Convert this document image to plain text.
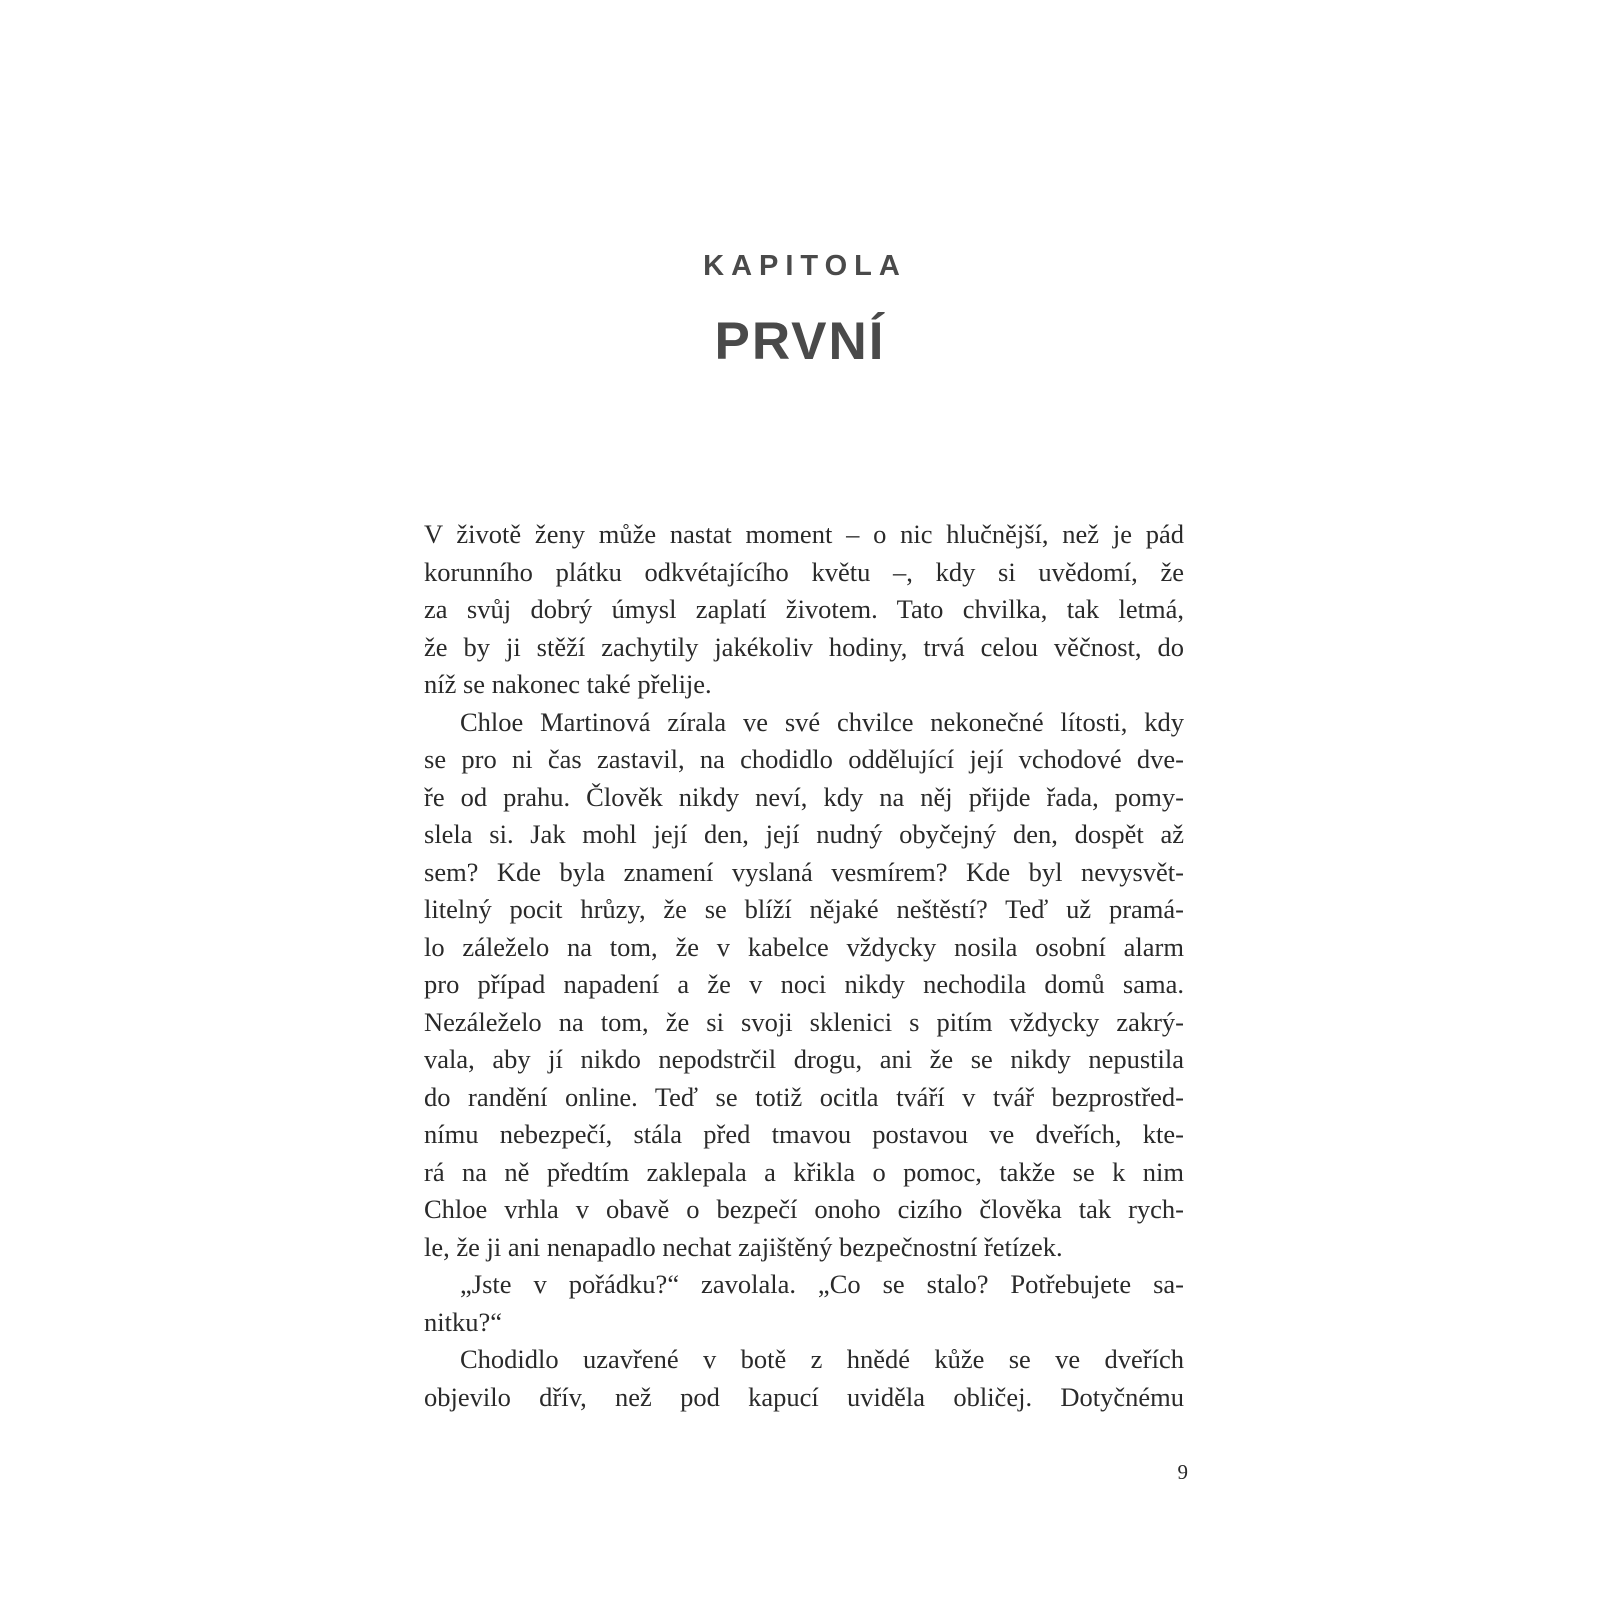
KAPITOLA
PRVNÍ
V životě ženy může nastat moment – o nic hlučnější, než je pád
korunního plátku odkvétajícího květu –, kdy si uvědomí, že
za svůj dobrý úmysl zaplatí životem. Tato chvilka, tak letmá,
že by ji stěží zachytily jakékoliv hodiny, trvá celou věčnost, do
níž se nakonec také přelije.
Chloe Martinová zírala ve své chvilce nekonečné lítosti, kdy
se pro ni čas zastavil, na chodidlo oddělující její vchodové dve-
ře od prahu. Člověk nikdy neví, kdy na něj přijde řada, pomy-
slela si. Jak mohl její den, její nudný obyčejný den, dospět až
sem? Kde byla znamení vyslaná vesmírem? Kde byl nevysvět-
litelný pocit hrůzy, že se blíží nějaké neštěstí? Teď už pramá-
lo záleželo na tom, že v kabelce vždycky nosila osobní alarm
pro případ napadení a že v noci nikdy nechodila domů sama.
Nezáleželo na tom, že si svoji sklenici s pitím vždycky zakrý-
vala, aby jí nikdo nepodstrčil drogu, ani že se nikdy nepustila
do randění online. Teď se totiž ocitla tváří v tvář bezprostřed-
nímu nebezpečí, stála před tmavou postavou ve dveřích, kte-
rá na ně předtím zaklepala a křikla o pomoc, takže se k nim
Chloe vrhla v obavě o bezpečí onoho cizího člověka tak rych-
le, že ji ani nenapadlo nechat zajištěný bezpečnostní řetízek.
„Jste v pořádku?“ zavolala. „Co se stalo? Potřebujete sa-
nitku?“
Chodidlo uzavřené v botě z hnědé kůže se ve dveřích
objevilo dřív, než pod kapucí uviděla obličej. Dotyčnému
9
